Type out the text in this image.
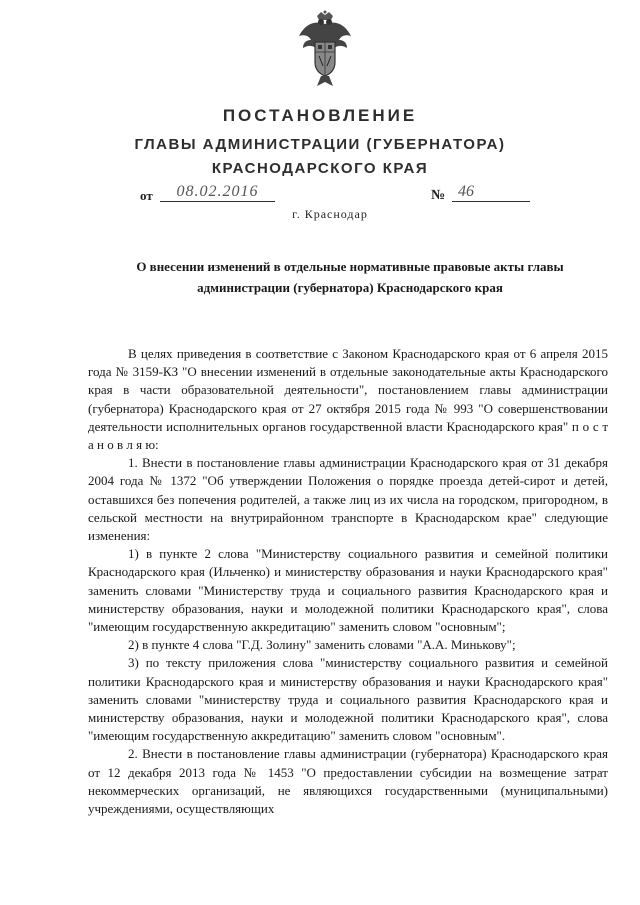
ПОСТАНОВЛЕНИЕ
ГЛАВЫ АДМИНИСТРАЦИИ (ГУБЕРНАТОРА)
КРАСНОДАРСКОГО КРАЯ
от	08.02.2016	№ 46
г. Краснодар
О внесении изменений в отдельные нормативные правовые акты главы администрации (губернатора) Краснодарского края

В целях приведения в соответствие с Законом Краснодарского края от 6 апреля 2015 года № 3159-КЗ "О внесении изменений в отдельные законодательные акты Краснодарского края в части образовательной деятельности", постановлением главы администрации (губернатора) Краснодарского края от 27 октября 2015 года № 993 "О совершенствовании деятельности исполнительных органов государственной власти Краснодарского края" п о с т а н о в л я ю:

1. Внести в постановление главы администрации Краснодарского края от 31 декабря 2004 года № 1372 "Об утверждении Положения о порядке проезда детей-сирот и детей, оставшихся без попечения родителей, а также лиц из их числа на городском, пригородном, в сельской местности на внутрирайонном транспорте в Краснодарском крае" следующие изменения:

1) в пункте 2 слова "Министерству социального развития и семейной политики Краснодарского края (Ильченко) и министерству образования и науки Краснодарского края" заменить словами "Министерству труда и социального развития Краснодарского края и министерству образования, науки и молодежной политики Краснодарского края", слова "имеющим государственную аккредитацию" заменить словом "основным";

2) в пункте 4 слова "Г.Д. Золину" заменить словами "А.А. Минькову";

3) по тексту приложения слова "министерству социального развития и семейной политики Краснодарского края и министерству образования и науки Краснодарского края" заменить словами "министерству труда и социального развития Краснодарского края и министерству образования, науки и молодежной политики Краснодарского края", слова "имеющим государственную аккредитацию" заменить словом "основным".

2. Внести в постановление главы администрации (губернатора) Краснодарского края от 12 декабря 2013 года № 1453 "О предоставлении субсидии на возмещение затрат некоммерческих организаций, не являющихся государственными (муниципальными) учреждениями, осуществляющих
